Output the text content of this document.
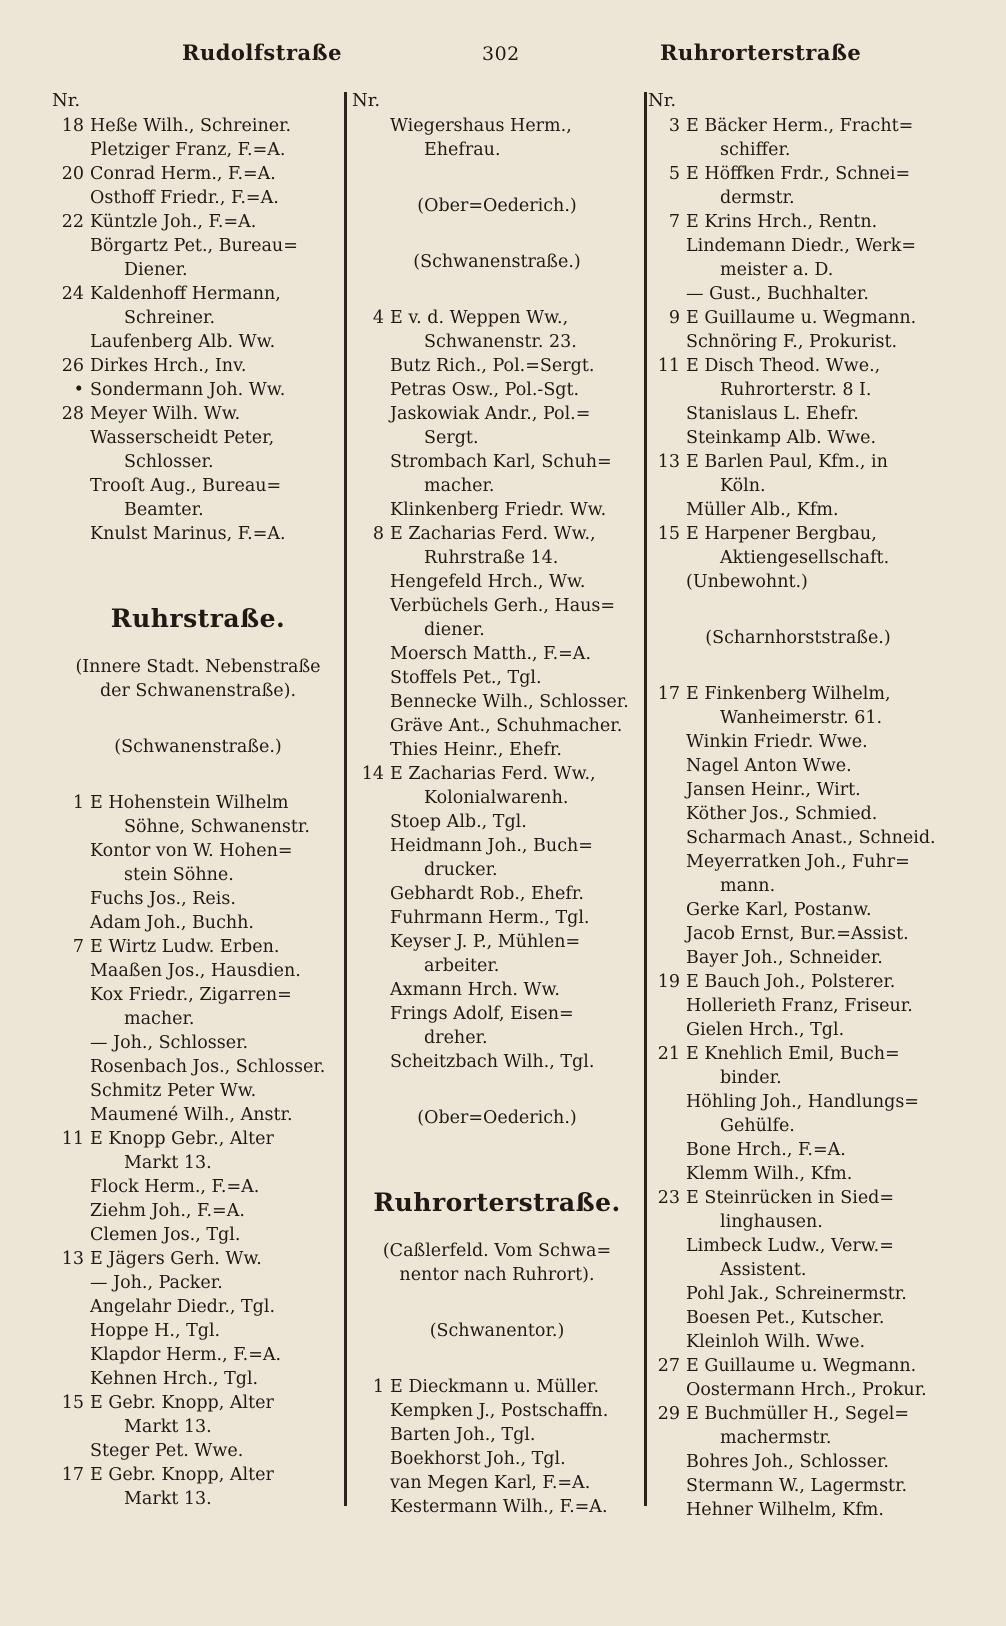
Rudolfstraße	302	Ruhrorterstraße
Nr.
18 Heße Wilh., Schreiner.
Pletziger Franz, F.=A.
20 Conrad Herm., F.=A.
Osthoff Friedr., F.=A.
22 Küntzle Joh., F.=A.
Börgartz Pet., Bureau=
Diener.
24 Kaldenhoff Hermann,
Schreiner.
Laufenberg Alb. Ww.
26 Dirkes Hrch., Inv.
• Sondermann Joh. Ww.
28 Meyer Wilh. Ww.
Wasserscheidt Peter,
Schlosser.
Trooſt Aug., Bureau=
Beamter.
Knulst Marinus, F.=A.
Ruhrstraße.
(Innere Stadt. Nebenstraße
der Schwanenstraße).
(Schwanenstraße.)
1 E Hohenstein Wilhelm
Söhne, Schwanenstr.
Kontor von W. Hohen=
stein Söhne.
Fuchs Jos., Reis.
Adam Joh., Buchh.
7 E Wirtz Ludw. Erben.
Maaßen Jos., Hausdien.
Kox Friedr., Zigarren=
macher.
— Joh., Schlosser.
Rosenbach Jos., Schlosser.
Schmitz Peter Ww.
Maumené Wilh., Anstr.
11 E Knopp Gebr., Alter
Markt 13.
Flock Herm., F.=A.
Ziehm Joh., F.=A.
Clemen Jos., Tgl.
13 E Jägers Gerh. Ww.
— Joh., Packer.
Angelahr Diedr., Tgl.
Hoppe H., Tgl.
Klapdor Herm., F.=A.
Kehnen Hrch., Tgl.
15 E Gebr. Knopp, Alter
Markt 13.
Steger Pet. Wwe.
17 E Gebr. Knopp, Alter
Markt 13.
Nr.
Wiegershaus Herm.,
Ehefrau.
(Ober=Oederich.)
(Schwanenstraße.)
4 E v. d. Weppen Ww.,
Schwanenstr. 23.
Butz Rich., Pol.=Sergt.
Petras Osw., Pol.-Sgt.
Jaskowiak Andr., Pol.=
Sergt.
Strombach Karl, Schuh=
macher.
Klinkenberg Friedr. Ww.
8 E Zacharias Ferd. Ww.,
Ruhrstraße 14.
Hengefeld Hrch., Ww.
Verbüchels Gerh., Haus=
diener.
Moersch Matth., F.=A.
Stoffels Pet., Tgl.
Bennecke Wilh., Schlosser.
Gräve Ant., Schuhmacher.
Thies Heinr., Ehefr.
14 E Zacharias Ferd. Ww.,
Kolonialwarenh.
Stoep Alb., Tgl.
Heidmann Joh., Buch=
drucker.
Gebhardt Rob., Ehefr.
Fuhrmann Herm., Tgl.
Keyser J. P., Mühlen=
arbeiter.
Axmann Hrch. Ww.
Frings Adolf, Eisen=
dreher.
Scheitzbach Wilh., Tgl.
(Ober=Oederich.)
Ruhrorterstraße.
(Caßlerfeld. Vom Schwa=
nentor nach Ruhrort).
(Schwanentor.)
1 E Dieckmann u. Müller.
Kempken J., Postschaffn.
Barten Joh., Tgl.
Boekhorst Joh., Tgl.
van Megen Karl, F.=A.
Kestermann Wilh., F.=A.
Nr.
3 E Bäcker Herm., Fracht=
schiffer.
5 E Höffken Frdr., Schnei=
dermstr.
7 E Krins Hrch., Rentn.
Lindemann Diedr., Werk=
meister a. D.
— Gust., Buchhalter.
9 E Guillaume u. Wegmann.
Schnöring F., Prokurist.
11 E Disch Theod. Wwe.,
Ruhrorterstr. 8 I.
Stanislaus L. Ehefr.
Steinkamp Alb. Wwe.
13 E Barlen Paul, Kfm., in
Köln.
Müller Alb., Kfm.
15 E Harpener Bergbau,
Aktiengesellschaft.
(Unbewohnt.)
(Scharnhorststraße.)
17 E Finkenberg Wilhelm,
Wanheimerstr. 61.
Winkin Friedr. Wwe.
Nagel Anton Wwe.
Jansen Heinr., Wirt.
Köther Jos., Schmied.
Scharmach Anast., Schneid.
Meyerratken Joh., Fuhr=
mann.
Gerke Karl, Postanw.
Jacob Ernst, Bur.=Assist.
Bayer Joh., Schneider.
19 E Bauch Joh., Polsterer.
Hollerieth Franz, Friseur.
Gielen Hrch., Tgl.
21 E Knehlich Emil, Buch=
binder.
Höhling Joh., Handlungs=
Gehülfe.
Bone Hrch., F.=A.
Klemm Wilh., Kfm.
23 E Steinrücken in Sied=
linghausen.
Limbeck Ludw., Verw.=
Assistent.
Pohl Jak., Schreinermstr.
Boesen Pet., Kutscher.
Kleinloh Wilh. Wwe.
27 E Guillaume u. Wegmann.
Oostermann Hrch., Prokur.
29 E Buchmüller H., Segel=
machermstr.
Bohres Joh., Schlosser.
Stermann W., Lagermstr.
Hehner Wilhelm, Kfm.
